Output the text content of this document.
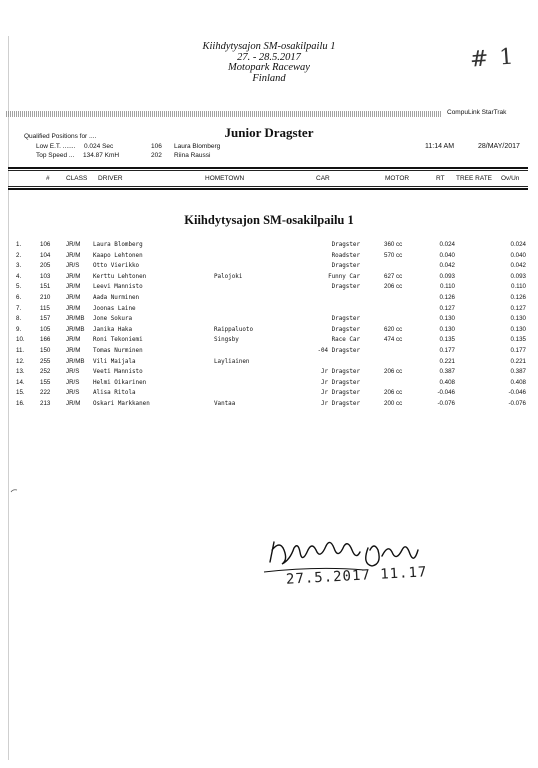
Kiihdytysajon SM-osakilpailu 1
27. - 28.5.2017
Motopark Raceway
Finland
# 1
CompuLink StarTrak
Junior Dragster
Qualified Positions for ....
Low E.T. ....... 0.024 Sec	106 Laura Blomberg
Top Speed ... 134.87 KmH	202 Riina Raussi
11:14 AM	28/MAY/2017
#	CLASS DRIVER	HOMETOWN	CAR	MOTOR	RT TREE RATE Ov/Un
Kiihdytysajon SM-osakilpailu 1
1.	106	JR/M Laura Blomberg	Dragster	360 cc	0.024	0.024
2.	104	JR/M Kaapo Lehtonen	Roadster	570 cc	0.040	0.040
3.	205	JR/S Otto Vierikko	Dragster	0.042	0.042
4.	103	JR/M Kerttu Lehtonen	Palojoki	Funny Car	627 cc	0.093	0.093
5.	151	JR/M Leevi Mannisto	Dragster	206 cc	0.110	0.110
6.	210	JR/M Aada Nurminen	0.126	0.126
7.	115	JR/M Joonas Laine	0.127	0.127
8.	157	JR/MB Jone Sokura	Dragster	0.130	0.130
9.	105	JR/MB Janika Haka	Raippaluoto	Dragster	620 cc	0.130	0.130
10. 166	JR/M Roni Tekoniemi	Singsby	Race Car	474 cc	0.135	0.135
11.	150	JR/M Tomas Nurminen	-04 Dragster	0.177	0.177
12. 255	JR/MB Vili Maijala	Layliainen	0.221	0.221
13. 252	JR/S Veeti Mannisto	Jr Dragster	206 cc	0.387	0.387
14. 155	JR/S Helmi Oikarinen	Jr Dragster	0.408	0.408
15. 222	JR/S Alisa Ritola	Jr Dragster	206 cc	-0.046	-0.046
16. 213	JR/M Oskari Markkanen	Vantaa	Jr Dragster	200 cc	-0.076	-0.076
27.5.2017 11.17
